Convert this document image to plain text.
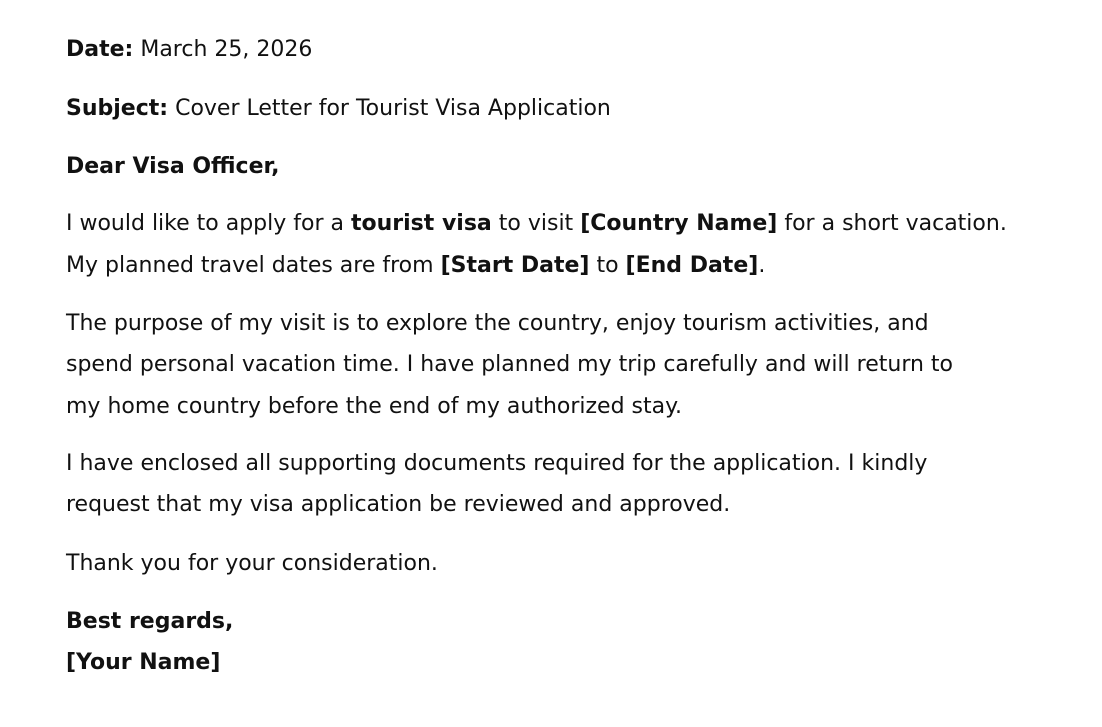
Date: March 25, 2026
Subject: Cover Letter for Tourist Visa Application
Dear Visa Officer,
I would like to apply for a tourist visa to visit [Country Name] for a short vacation.
My planned travel dates are from [Start Date] to [End Date].
The purpose of my visit is to explore the country, enjoy tourism activities, and
spend personal vacation time. I have planned my trip carefully and will return to
my home country before the end of my authorized stay.
I have enclosed all supporting documents required for the application. I kindly
request that my visa application be reviewed and approved.
Thank you for your consideration.
Best regards,
[Your Name]
